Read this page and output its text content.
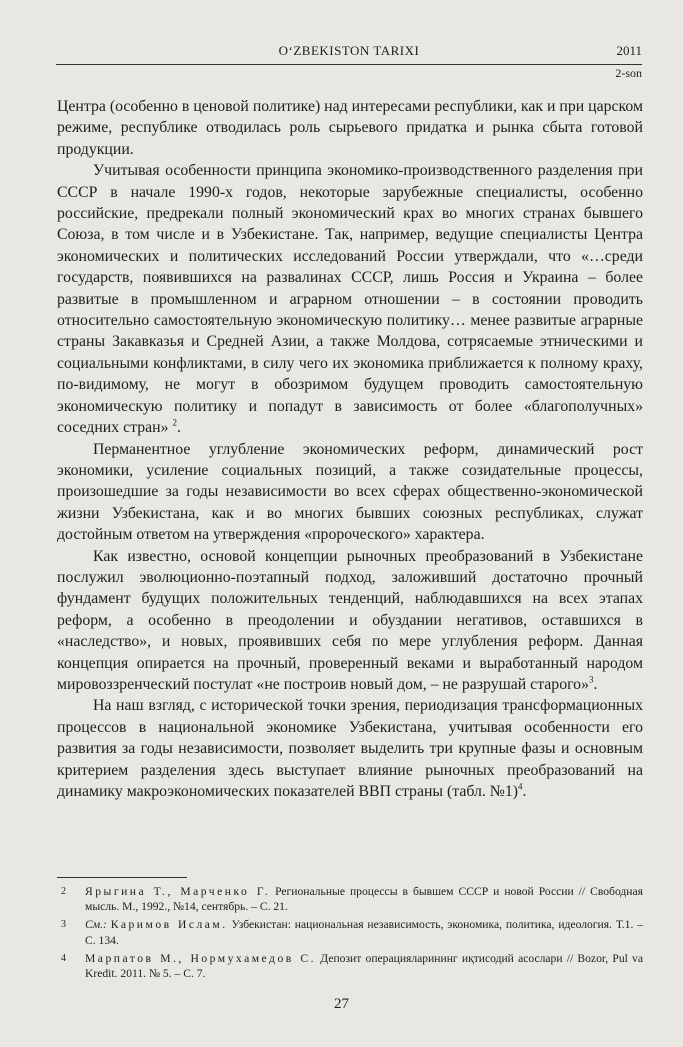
O‘ZBEKISTON TARIXI	2011
2-son

Центра (особенно в ценовой политике) над интересами республики, как и при царском режиме, республике отводилась роль сырьевого придатка и рынка сбыта готовой продукции.

Учитывая особенности принципа экономико-производственного разделения при СССР в начале 1990-х годов, некоторые зарубежные специалисты, особенно российские, предрекали полный экономический крах во многих странах бывшего Союза, в том числе и в Узбекистане. Так, например, ведущие специалисты Центра экономических и политических исследований России утверждали, что «…среди государств, появившихся на развалинах СССР, лишь Россия и Украина – более развитые в промышленном и аграрном отношении – в состоянии проводить относительно самостоятельную экономическую политику… менее развитые аграрные страны Закавказья и Средней Азии, а также Молдова, сотрясаемые этническими и социальными конфликтами, в силу чего их экономика приближается к полному краху, по-видимому, не могут в обозримом будущем проводить самостоятельную экономическую политику и попадут в зависимость от более «благополучных» соседних стран» $^2$.

Перманентное углубление экономических реформ, динамический рост экономики, усиление социальных позиций, а также созидательные процессы, произошедшие за годы независимости во всех сферах общественно-экономической жизни Узбекистана, как и во многих бывших союзных республиках, служат достойным ответом на утверждения «пророческого» характера.

Как известно, основой концепции рыночных преобразований в Узбекистане послужил эволюционно-поэтапный подход, заложивший достаточно прочный фундамент будущих положительных тенденций, наблюдавшихся на всех этапах реформ, а особенно в преодолении и обуздании негативов, оставшихся в «наследство», и новых, проявивших себя по мере углубления реформ. Данная концепция опирается на прочный, проверенный веками и выработанный народом мировоззренческий постулат «не построив новый дом, – не разрушай старого»$^3$.

На наш взгляд, с исторической точки зрения, периодизация трансформационных процессов в национальной экономике Узбекистана, учитывая особенности его развития за годы независимости, позволяет выделить три крупные фазы и основным критерием разделения здесь выступает влияние рыночных преобразований на динамику макроэкономических показателей ВВП страны (табл. №1)$^4$.

2 Ярыгина Т., Марченко Г. Региональные процессы в бывшем СССР и новой России // Свободная мысль. М., 1992., №14, сентябрь. – С. 21.
3 См.: Каримов Ислам. Узбекистан: национальная независимость, экономика, политика, идеология. Т.1. – С. 134.
4 Марпатов М., Нормухамедов С. Депозит операцияларининг иқтисодий асослари // Bozor, Pul va Kredit. 2011. № 5. – С. 7.
27
